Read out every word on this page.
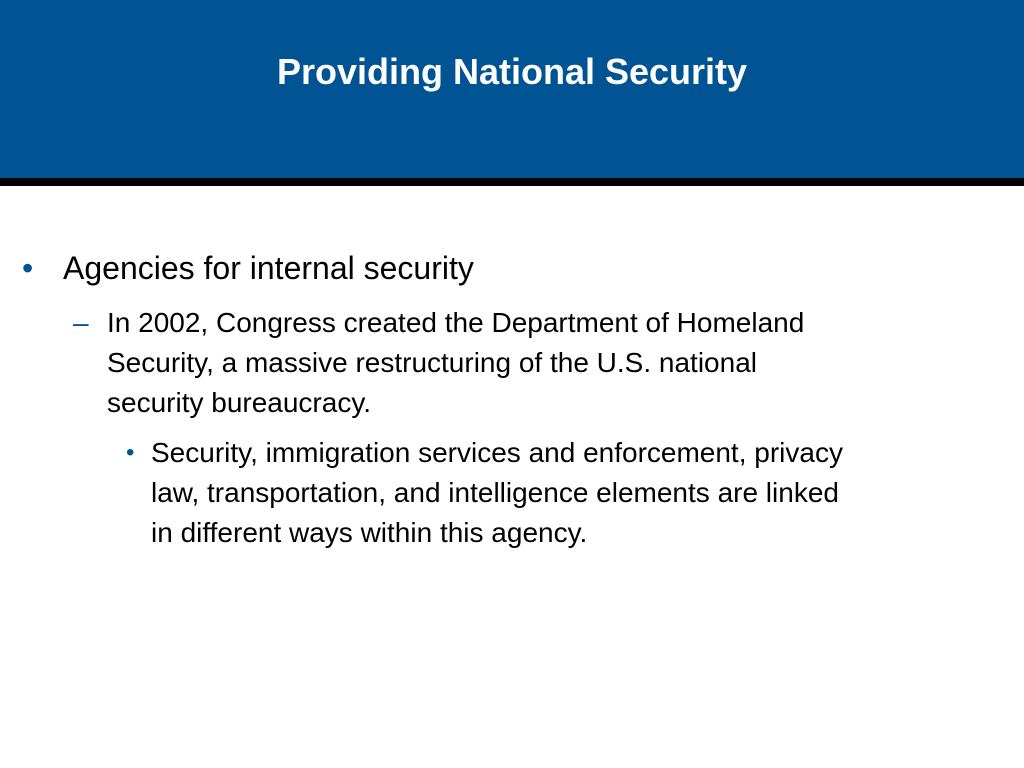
Providing National Security
• Agencies for internal security
– In 2002, Congress created the Department of Homeland
Security, a massive restructuring of the U.S. national
security bureaucracy.
• Security, immigration services and enforcement, privacy
law, transportation, and intelligence elements are linked
in different ways within this agency.
